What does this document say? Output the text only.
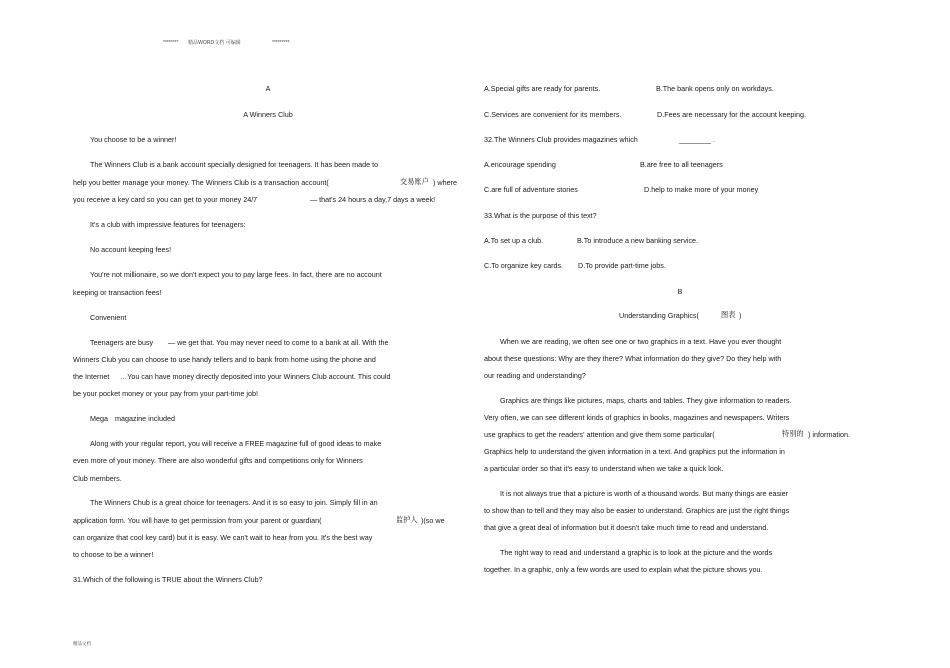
******** 精品WORD文档 可编辑	*********
A
A Winners Club
You choose to be a winner!
The Winners Club is a bank account specially designed for teenagers. It has been made to
help you better manage your money. The Winners Club is a transaction account(	交易账户 ) where
you receive a key card so you can get to your money 24/7	— that's 24 hours a day,7 days a week!
It's a club with impressive features for teenagers:
No account keeping fees!
You're not millionaire, so we don't expect you to pay large fees. In fact, there are no account
keeping or transaction fees!
Convenient
Teenagers are busy — we get that. You may never need to come to a bank at all. With the
Winners Club you can choose to use handy tellers and to bank from home using the phone and
the Internet …You can have money directly deposited into your Winners Club account. This could
be your pocket money or your pay from your part-time job!
Mega magazine included
Along with your regular report, you will receive a FREE magazine full of good ideas to make
even more of your money. There are also wonderful gifts and competitions only for Winners
Club members.
The Winners Chub is a great choice for teenagers. And it is so easy to join. Simply fill in an
application form. You will have to get permission from your parent or guardian(	监护人 )(so we
can organize that cool key card) but it is easy. We can't wait to hear from you. It's the best way
to choose to be a winner!
31.Which of the following is TRUE about the Winners Club?
A.Special gifts are ready for parents.	B.The bank opens only on workdays.
C.Services are convenient for its members.	D.Fees are necessary for the account keeping.
32.The Winners Club provides magazines which	________ .
A.encourage spending	B.are free to all teenagers
C.are full of adventure stories	D.help to make more of your money
33.What is the purpose of this text?
A.To set up a club.	B.To introduce a new banking service.
C.To organize key cards. D.To provide part-time jobs.
B
Understanding Graphics(	图表 )
When we are reading, we often see one or two graphics in a text. Have you ever thought
about these questions: Why are they there? What information do they give? Do they help with
our reading and understanding?
Graphics are things like pictures, maps, charts and tables. They give information to readers.
Very often, we can see different kinds of graphics in books, magazines and newspapers. Writers
use graphics to get the readers' attention and give them some particular(	特别的 ) information.
Graphics help to understand the given information in a text. And graphics put the information in
a particular order so that it's easy to understand when we take a quick look.
It is not always true that a picture is worth of a thousand words. But many things are easier
to show than to tell and they may also be easier to understand. Graphics are just the right things
that give a great deal of information but it doesn't take much time to read and understand.
The right way to read and understand a graphic is to look at the picture and the words
together. In a graphic, only a few words are used to explain what the picture shows you.
精品文档
